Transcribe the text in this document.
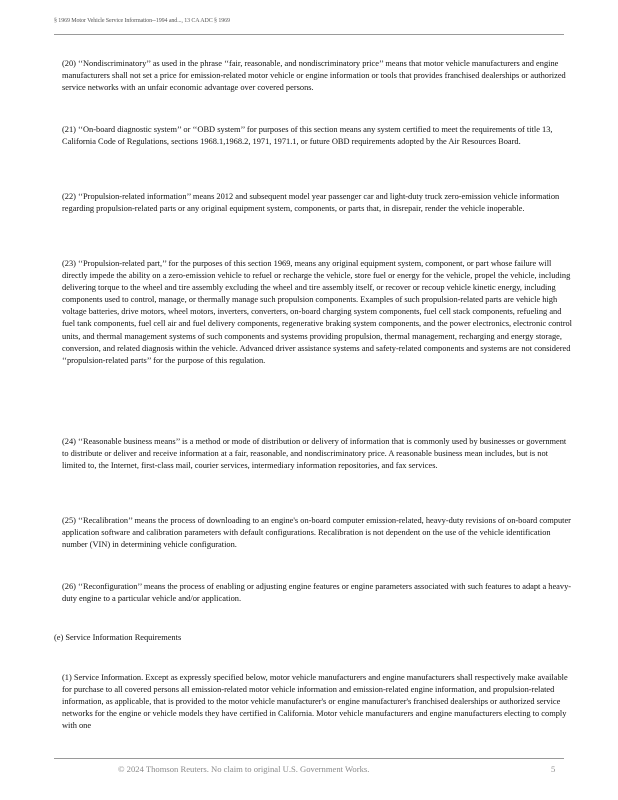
§ 1969 Motor Vehicle Service Information--1994 and..., 13 CA ADC § 1969

(20) ‘‘Nondiscriminatory’’ as used in the phrase ‘‘fair, reasonable, and nondiscriminatory price’’ means that motor vehicle manufacturers and engine manufacturers shall not set a price for emission-related motor vehicle or engine information or tools that provides franchised dealerships or authorized service networks with an unfair economic advantage over covered persons.

(21) ‘‘On-board diagnostic system’’ or ‘‘OBD system’’ for purposes of this section means any system certified to meet the requirements of title 13, California Code of Regulations, sections 1968.1,1968.2, 1971, 1971.1, or future OBD requirements adopted by the Air Resources Board.

(22) ‘‘Propulsion-related information’’ means 2012 and subsequent model year passenger car and light-duty truck zero-emission vehicle information regarding propulsion-related parts or any original equipment system, components, or parts that, in disrepair, render the vehicle inoperable.

(23) ‘‘Propulsion-related part,’’ for the purposes of this section 1969, means any original equipment system, component, or part whose failure will directly impede the ability on a zero-emission vehicle to refuel or recharge the vehicle, store fuel or energy for the vehicle, propel the vehicle, including delivering torque to the wheel and tire assembly excluding the wheel and tire assembly itself, or recover or recoup vehicle kinetic energy, including components used to control, manage, or thermally manage such propulsion components. Examples of such propulsion-related parts are vehicle high voltage batteries, drive motors, wheel motors, inverters, converters, on-board charging system components, fuel cell stack components, refueling and fuel tank components, fuel cell air and fuel delivery components, regenerative braking system components, and the power electronics, electronic control units, and thermal management systems of such components and systems providing propulsion, thermal management, recharging and energy storage, conversion, and related diagnosis within the vehicle. Advanced driver assistance systems and safety-related components and systems are not considered ‘‘propulsion-related parts’’ for the purpose of this regulation.

(24) ‘‘Reasonable business means’’ is a method or mode of distribution or delivery of information that is commonly used by businesses or government to distribute or deliver and receive information at a fair, reasonable, and nondiscriminatory price. A reasonable business mean includes, but is not limited to, the Internet, first-class mail, courier services, intermediary information repositories, and fax services.

(25) ‘‘Recalibration’’ means the process of downloading to an engine's on-board computer emission-related, heavy-duty revisions of on-board computer application software and calibration parameters with default configurations. Recalibration is not dependent on the use of the vehicle identification number (VIN) in determining vehicle configuration.

(26) ‘‘Reconfiguration’’ means the process of enabling or adjusting engine features or engine parameters associated with such features to adapt a heavy-duty engine to a particular vehicle and/or application.

(e) Service Information Requirements

(1) Service Information. Except as expressly specified below, motor vehicle manufacturers and engine manufacturers shall respectively make available for purchase to all covered persons all emission-related motor vehicle information and emission-related engine information, and propulsion-related information, as applicable, that is provided to the motor vehicle manufacturer's or engine manufacturer's franchised dealerships or authorized service networks for the engine or vehicle models they have certified in California. Motor vehicle manufacturers and engine manufacturers electing to comply with one

© 2024 Thomson Reuters. No claim to original U.S. Government Works.	5
